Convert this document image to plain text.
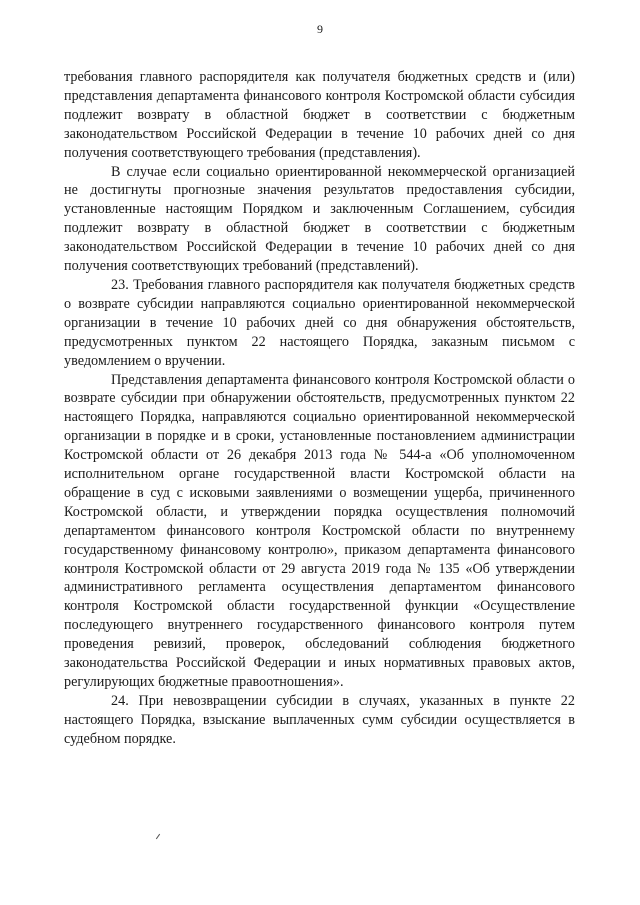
9

требования главного распорядителя как получателя бюджетных средств и (или) представления департамента финансового контроля Костромской области субсидия подлежит возврату в областной бюджет в соответствии с бюджетным законодательством Российской Федерации в течение 10 рабочих дней со дня получения соответствующего требования (представления).

В случае если социально ориентированной некоммерческой организацией не достигнуты прогнозные значения результатов предоставления субсидии, установленные настоящим Порядком и заключенным Соглашением, субсидия подлежит возврату в областной бюджет в соответствии с бюджетным законодательством Российской Федерации в течение 10 рабочих дней со дня получения соответствующих требований (представлений).

23. Требования главного распорядителя как получателя бюджетных средств о возврате субсидии направляются социально ориентированной некоммерческой организации в течение 10 рабочих дней со дня обнаружения обстоятельств, предусмотренных пунктом 22 настоящего Порядка, заказным письмом с уведомлением о вручении.

Представления департамента финансового контроля Костромской области о возврате субсидии при обнаружении обстоятельств, предусмотренных пунктом 22 настоящего Порядка, направляются социально ориентированной некоммерческой организации в порядке и в сроки, установленные постановлением администрации Костромской области от 26 декабря 2013 года № 544-а «Об уполномоченном исполнительном органе государственной власти Костромской области на обращение в суд с исковыми заявлениями о возмещении ущерба, причиненного Костромской области, и утверждении порядка осуществления полномочий департаментом финансового контроля Костромской области по внутреннему государственному финансовому контролю», приказом департамента финансового контроля Костромской области от 29 августа 2019 года № 135 «Об утверждении административного регламента осуществления департаментом финансового контроля Костромской области государственной функции «Осуществление последующего внутреннего государственного финансового контроля путем проведения ревизий, проверок, обследований соблюдения бюджетного законодательства Российской Федерации и иных нормативных правовых актов, регулирующих бюджетные правоотношения».

24. При невозвращении субсидии в случаях, указанных в пункте 22 настоящего Порядка, взыскание выплаченных сумм субсидии осуществляется в судебном порядке.
